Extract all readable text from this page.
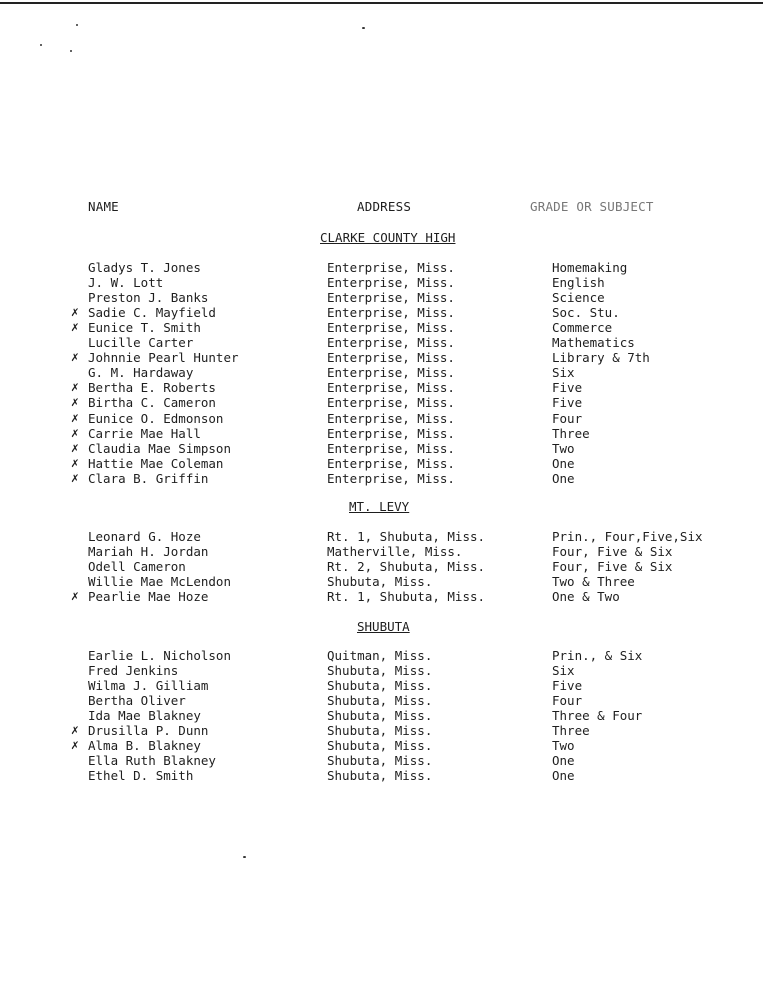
NAME	ADDRESS	GRADE OR SUBJECT
CLARKE COUNTY HIGH
Gladys T. Jones	Enterprise, Miss.	Homemaking
J. W. Lott	Enterprise, Miss.	English
Preston J. Banks	Enterprise, Miss.	Science
✗ Sadie C. Mayfield	Enterprise, Miss.	Soc. Stu.
✗ Eunice T. Smith	Enterprise, Miss.	Commerce
Lucille Carter	Enterprise, Miss.	Mathematics
✗ Johnnie Pearl Hunter	Enterprise, Miss.	Library & 7th
G. M. Hardaway	Enterprise, Miss.	Six
✗ Bertha E. Roberts	Enterprise, Miss.	Five
✗ Birtha C. Cameron	Enterprise, Miss.	Five
✗ Eunice O. Edmonson	Enterprise, Miss.	Four
✗ Carrie Mae Hall	Enterprise, Miss.	Three
✗ Claudia Mae Simpson	Enterprise, Miss.	Two
✗ Hattie Mae Coleman	Enterprise, Miss.	One
✗ Clara B. Griffin	Enterprise, Miss.	One
MT. LEVY
Leonard G. Hoze	Rt. 1, Shubuta, Miss.	Prin., Four,Five,Six
Mariah H. Jordan	Matherville, Miss.	Four, Five & Six
Odell Cameron	Rt. 2, Shubuta, Miss.	Four, Five & Six
Willie Mae McLendon	Shubuta, Miss.	Two & Three
✗ Pearlie Mae Hoze	Rt. 1, Shubuta, Miss.	One & Two
SHUBUTA
Earlie L. Nicholson	Quitman, Miss.	Prin., & Six
Fred Jenkins	Shubuta, Miss.	Six
Wilma J. Gilliam	Shubuta, Miss.	Five
Bertha Oliver	Shubuta, Miss.	Four
Ida Mae Blakney	Shubuta, Miss.	Three & Four
✗ Drusilla P. Dunn	Shubuta, Miss.	Three
✗ Alma B. Blakney	Shubuta, Miss.	Two
Ella Ruth Blakney	Shubuta, Miss.	One
Ethel D. Smith	Shubuta, Miss.	One
